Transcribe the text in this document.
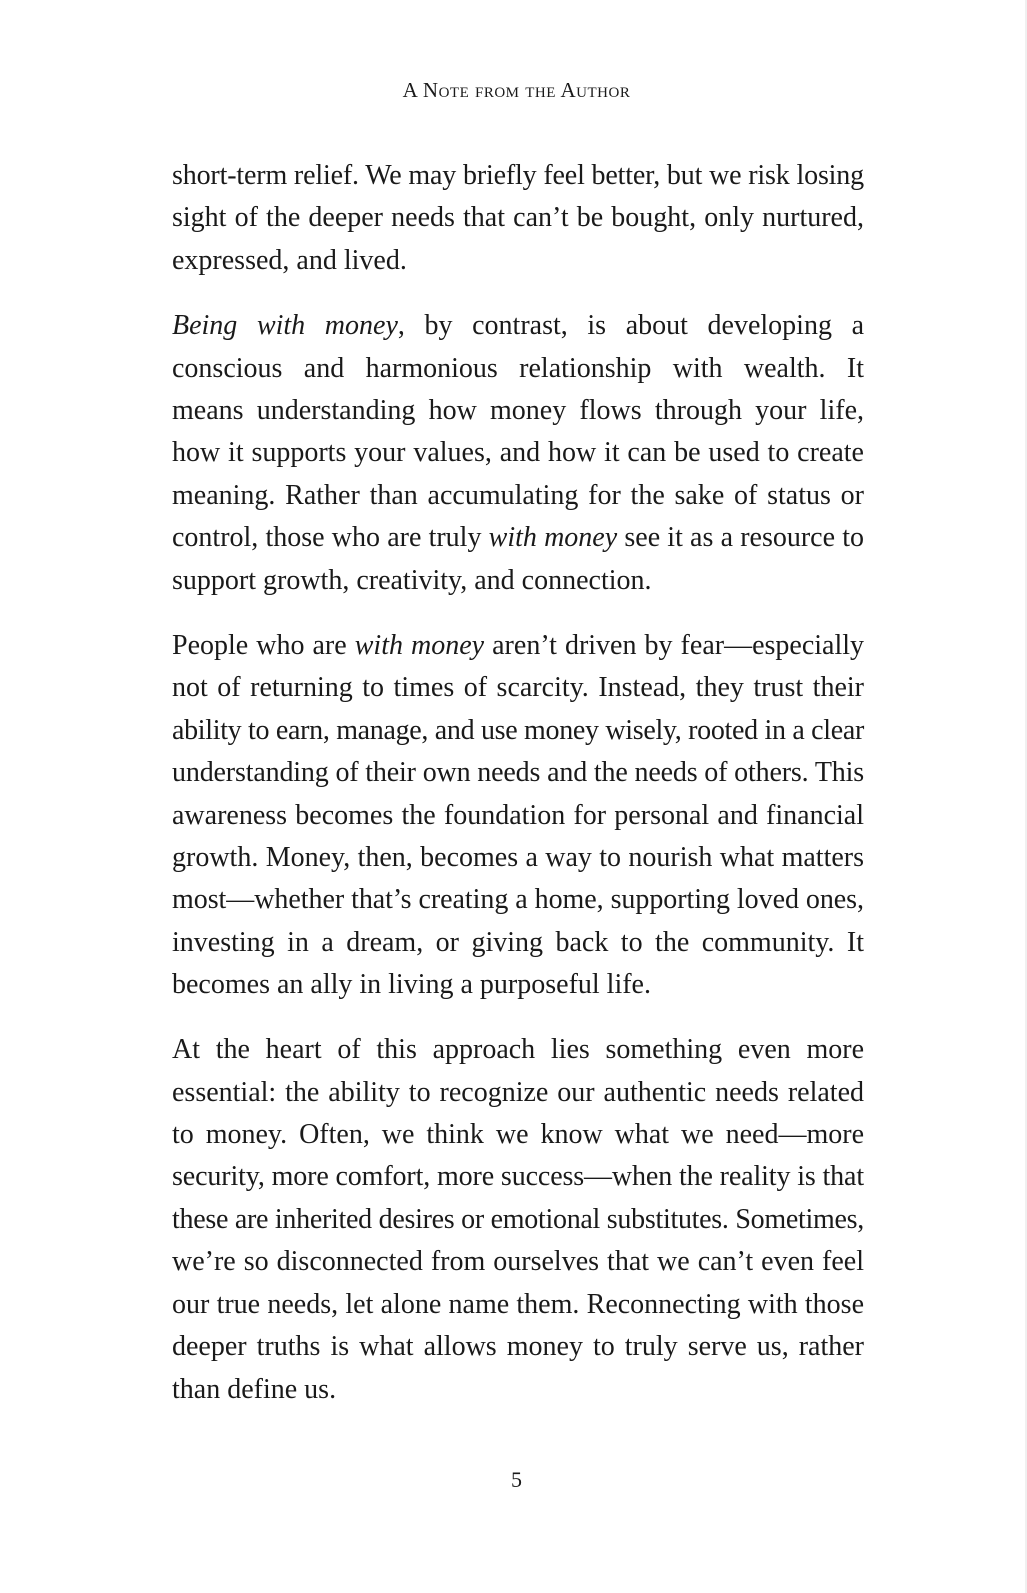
A Note from the Author
short-term relief. We may briefly feel better, but we risk losing
sight of the deeper needs that can’t be bought, only nurtured,
expressed, and lived.
Being with money, by contrast, is about developing a
conscious and harmonious relationship with wealth. It
means understanding how money flows through your life,
how it supports your values, and how it can be used to create
meaning. Rather than accumulating for the sake of status or
control, those who are truly with money see it as a resource to
support growth, creativity, and connection.
People who are with money aren’t driven by fear—especially
not of returning to times of scarcity. Instead, they trust their
ability to earn, manage, and use money wisely, rooted in a clear
understanding of their own needs and the needs of others. This
awareness becomes the foundation for personal and financial
growth. Money, then, becomes a way to nourish what matters
most—whether that’s creating a home, supporting loved ones,
investing in a dream, or giving back to the community. It
becomes an ally in living a purposeful life.
At the heart of this approach lies something even more
essential: the ability to recognize our authentic needs related
to money. Often, we think we know what we need—more
security, more comfort, more success—when the reality is that
these are inherited desires or emotional substitutes. Sometimes,
we’re so disconnected from ourselves that we can’t even feel
our true needs, let alone name them. Reconnecting with those
deeper truths is what allows money to truly serve us, rather
than define us.
5
